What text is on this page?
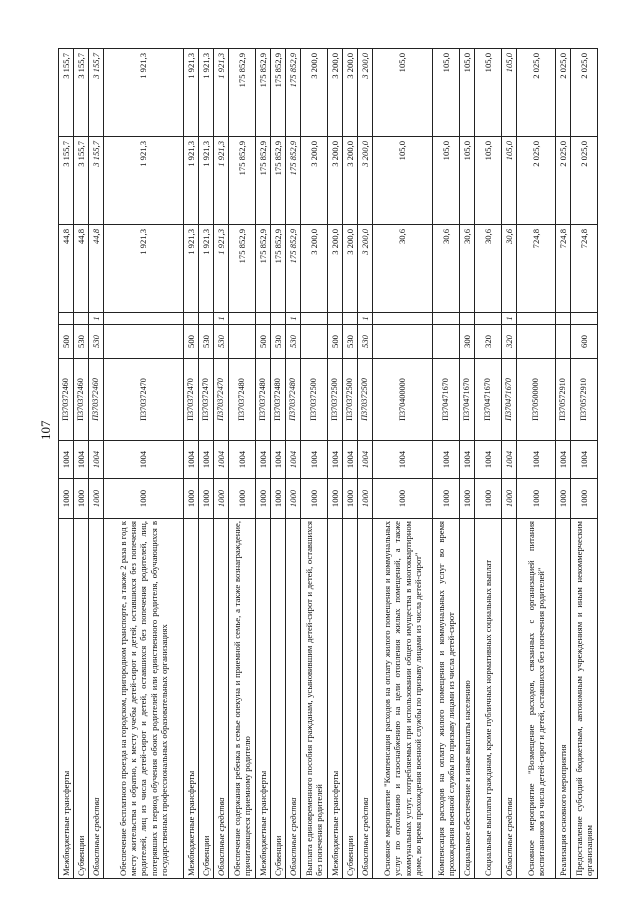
107
Межбюджетные трансферты	1000	1004	П370372460	500		44,8	3 155,7	3 155,7
Субвенции	1000	1004	П370372460	530		44,8	3 155,7	3 155,7
Областные средства	1000	1004	П370372460	530	1	44,8	3 155,7	3 155,7
Обеспечение бесплатного проезда на городском, пригородном транспорте, а также 2 раза в год к месту жительства и обратно, к месту учебы детей-сирот и детей, оставшихся без попечения родителей, лиц из числа детей-сирот и детей, оставшихся без попечения родителей, лиц, потерявших в период обучения обоих родителей или единственного родителя, обучающихся в государственных профессиональных образовательных организациях	1000	1004	П370372470			1 921,3	1 921,3	1 921,3
Межбюджетные трансферты	1000	1004	П370372470	500		1 921,3	1 921,3	1 921,3
Субвенции	1000	1004	П370372470	530		1 921,3	1 921,3	1 921,3
Областные средства	1000	1004	П370372470	530	1	1 921,3	1 921,3	1 921,3
Обеспечение содержания ребенка в семье опекуна и приемной семье, а также вознаграждение, причитающееся приемному родителю	1000	1004	П370372480			175 852,9	175 852,9	175 852,9
Межбюджетные трансферты	1000	1004	П370372480	500		175 852,9	175 852,9	175 852,9
Субвенции	1000	1004	П370372480	530		175 852,9	175 852,9	175 852,9
Областные средства	1000	1004	П370372480	530	1	175 852,9	175 852,9	175 852,9
Выплата единовременного пособия гражданам, усыновившим детей-сирот и детей, оставшихся без попечения родителей	1000	1004	П370372500			3 200,0	3 200,0	3 200,0
Межбюджетные трансферты	1000	1004	П370372500	500		3 200,0	3 200,0	3 200,0
Субвенции	1000	1004	П370372500	530		3 200,0	3 200,0	3 200,0
Областные средства	1000	1004	П370372500	530	1	3 200,0	3 200,0	3 200,0
Основное мероприятие "Компенсация расходов на оплату жилого помещения и коммунальных услуг по отоплению и газоснабжению на цели отопления жилых помещений, а также коммунальных услуг, потребляемых при использовании общего имущества в многоквартирном доме, во время прохождения военной службы по призыву лицами из числа детей-сирот"	1000	1004	П370400000			30,6	105,0	105,0
Компенсация расходов на оплату жилого помещения и коммунальных услуг во время прохождения военной службы по призыву лицами из числа детей-сирот	1000	1004	П370471670			30,6	105,0	105,0
Социальное обеспечение и иные выплаты населению	1000	1004	П370471670	300		30,6	105,0	105,0
Социальные выплаты гражданам, кроме публичных нормативных социальных выплат	1000	1004	П370471670	320		30,6	105,0	105,0
Областные средства	1000	1004	П370471670	320	1	30,6	105,0	105,0
Основное мероприятие "Возмещение расходов, связанных с организацией питания воспитанников из числа детей-сирот и детей, оставшихся без попечения родителей"	1000	1004	П370500000			724,8	2 025,0	2 025,0
Реализация основного мероприятия	1000	1004	П370572910			724,8	2 025,0	2 025,0
Предоставление субсидий бюджетным, автономным учреждениям и иным некоммерческим организациям	1000	1004	П370572910	600		724,8	2 025,0	2 025,0
